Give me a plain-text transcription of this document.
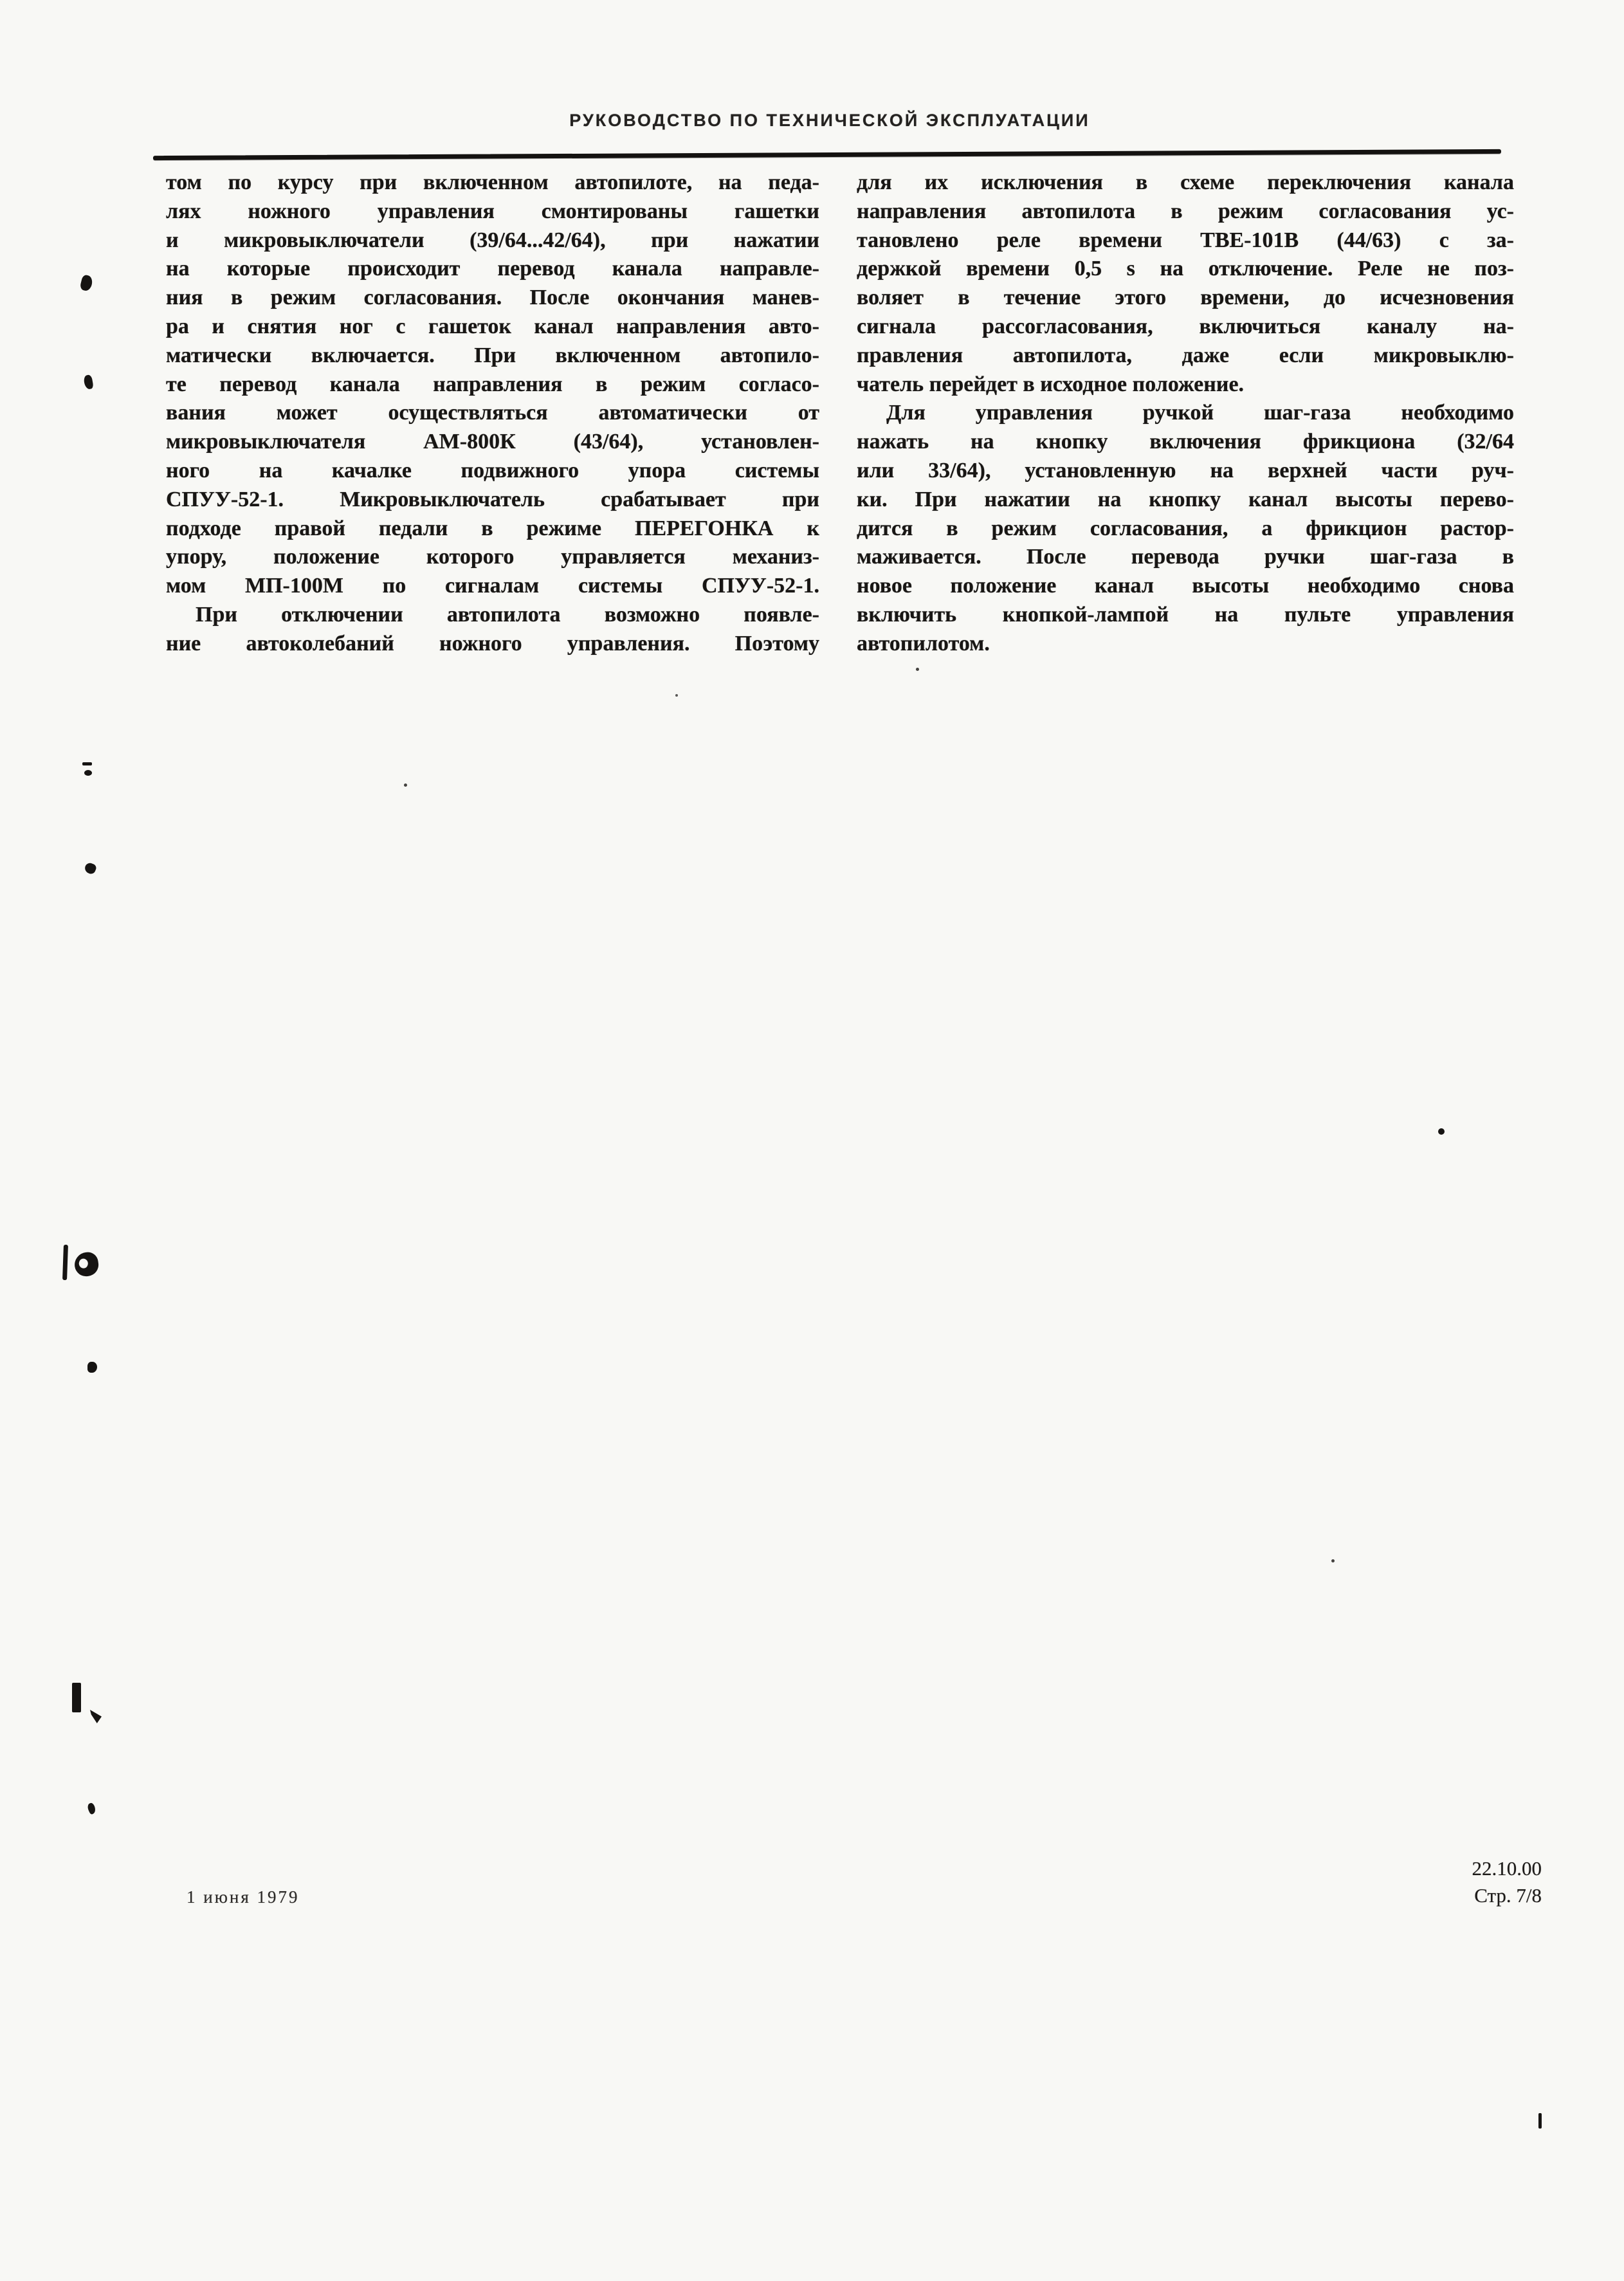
РУКОВОДСТВО ПО ТЕХНИЧЕСКОЙ ЭКСПЛУАТАЦИИ
том по курсу при включенном автопилоте, на педа-
лях ножного управления смонтированы гашетки
и микровыключатели (39/64...42/64), при нажатии
на которые происходит перевод канала направле-
ния в режим согласования. После окончания манев-
ра и снятия ног с гашеток канал направления авто-
матически включается. При включенном автопило-
те перевод канала направления в режим согласо-
вания может осуществляться автоматически от
микровыключателя АМ-800К (43/64), установлен-
ного на качалке подвижного упора системы
СПУУ-52-1. Микровыключатель срабатывает при
подходе правой педали в режиме ПЕРЕГОНКА к
упору, положение которого управляется механиз-
мом МП-100М по сигналам системы СПУУ-52-1.
При отключении автопилота возможно появле-
ние автоколебаний ножного управления. Поэтому
для их исключения в схеме переключения канала
направления автопилота в режим согласования ус-
тановлено реле времени ТВЕ-101В (44/63) с за-
держкой времени 0,5 s на отключение. Реле не поз-
воляет в течение этого времени, до исчезновения
сигнала рассогласования, включиться каналу на-
правления автопилота, даже если микровыклю-
чатель перейдет в исходное положение.
Для управления ручкой шаг-газа необходимо
нажать на кнопку включения фрикциона (32/64
или 33/64), установленную на верхней части руч-
ки. При нажатии на кнопку канал высоты перево-
дится в режим согласования, а фрикцион растор-
маживается. После перевода ручки шаг-газа в
новое положение канал высоты необходимо снова
включить кнопкой-лампой на пульте управления
автопилотом.
1 июня 1979
22.10.00
Стр. 7/8
